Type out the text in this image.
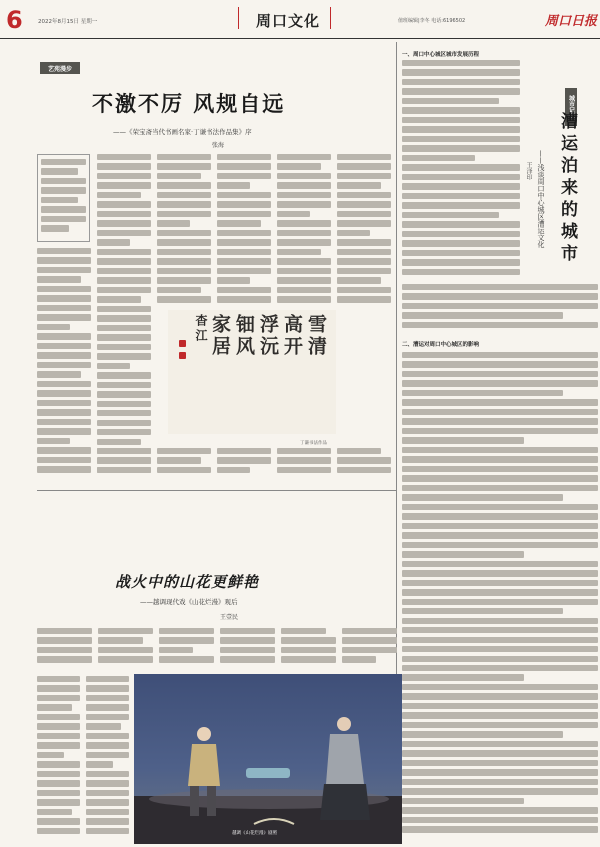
6	2022年8月15日 星期一	周口文化	值班编辑|李冬 电话:6196502	周口日报
艺苑漫步
不激不厉 风规自远
——《荣宝斋当代书画名家·丁谦书法作品集》序
张海
雪清
高开
浮沅
钿风
家居
杳江
丁谦书法作品
战火中的山花更鲜艳
——越调现代戏《山花烂漫》观后
王壹民
越调《山花烂漫》剧照
城市记忆
漕运泊来的城市
——浅谈周口中心城区漕运文化
王泽印
一、周口中心城区城市发展历程
二、漕运对周口中心城区的影响
